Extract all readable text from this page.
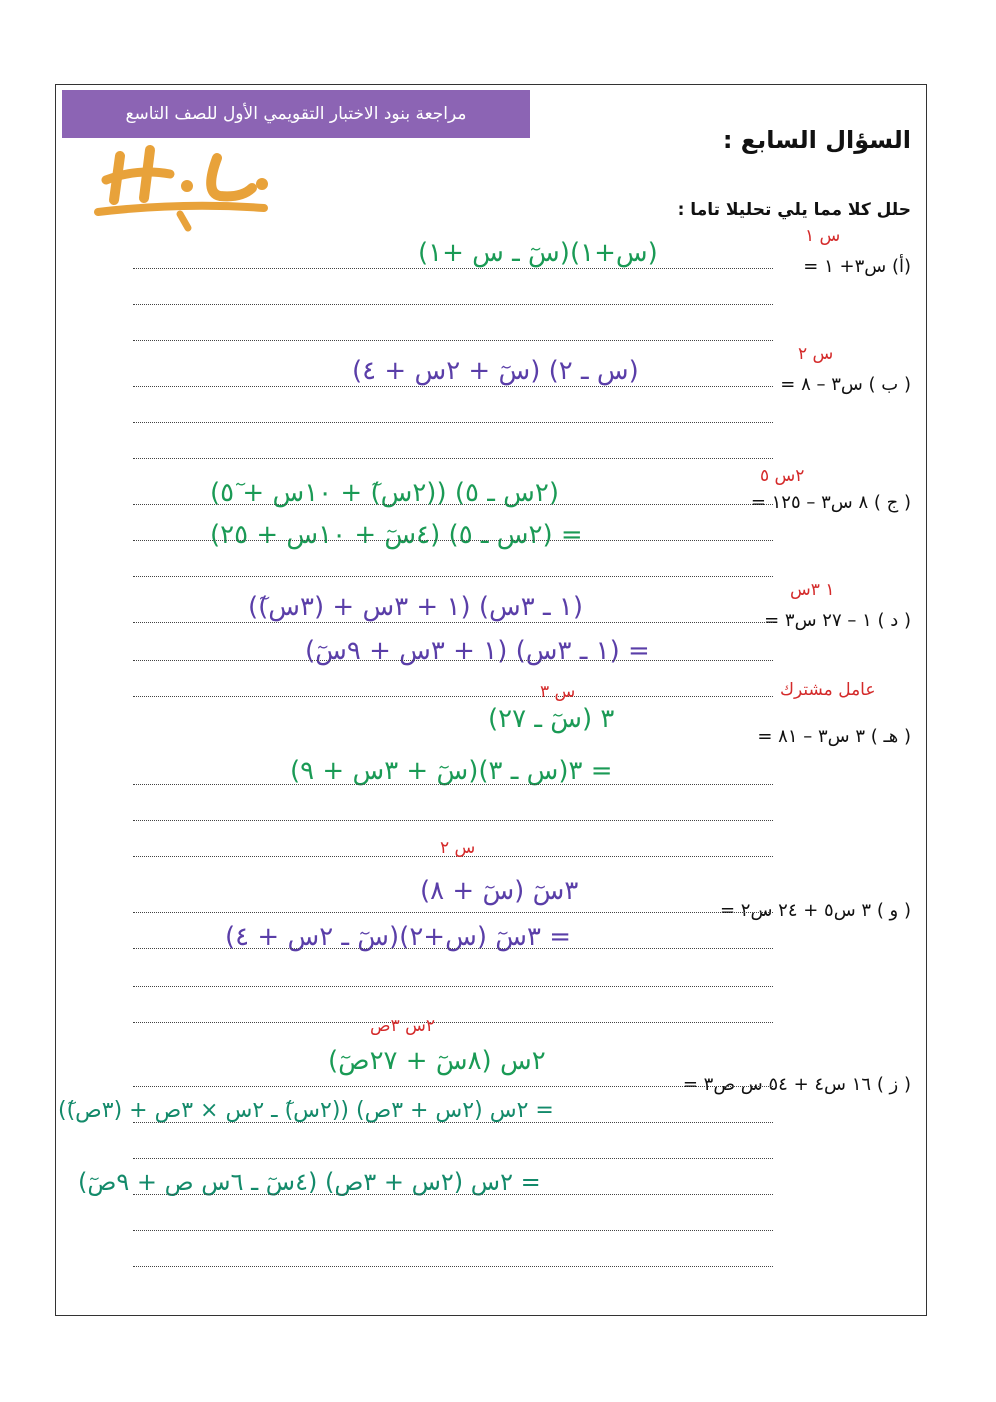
مراجعة بنود الاختبار التقويمي الأول للصف التاسع
السؤال السابع :
حلل كلا مما يلي تحليلا تاما :
(أ) س٣+ ١ =
س ١
(س+١)(سٓ ـ س +١)
( ب ) س٣ – ٨ =
س ٢
(س ـ ٢) (سٓ + ٢س + ٤)
( ج ) ٨ س٣ – ١٢٥ =
٢س ٥
(٢س ـ ٥) ((٢س)ٓ + ١٠س + ٥ٓ)
= (٢س ـ ٥) (٤سٓ + ١٠س + ٢٥)
( د ) ١ – ٢٧ س٣ =
١ ٣س
(١ ـ ٣س) (١ + ٣س + (٣س)ٓ)
= (١ ـ ٣س) (١ + ٣س + ٩سٓ)
( هـ ) ٣ س٣ – ٨١ =
س ٣	عامل مشترك
٣ (سٓ ـ ٢٧)
= ٣(س ـ ٣)(سٓ + ٣س + ٩)
( و ) ٣ س٥ + ٢٤ س٢ =
س ٢
٣سٓ (سٓ + ٨)
= ٣سٓ (س+٢)(سٓ ـ ٢س + ٤)
( ز ) ١٦ س٤ + ٥٤ س ص٣ =
٢س ٣ص
٢س (٨سٓ + ٢٧صٓ)
= ٢س (٢س + ٣ص) ((٢س)ٓ ـ ٢س × ٣ص + (٣ص)ٓ)
= ٢س (٢س + ٣ص) (٤سٓ ـ ٦س ص + ٩صٓ)
